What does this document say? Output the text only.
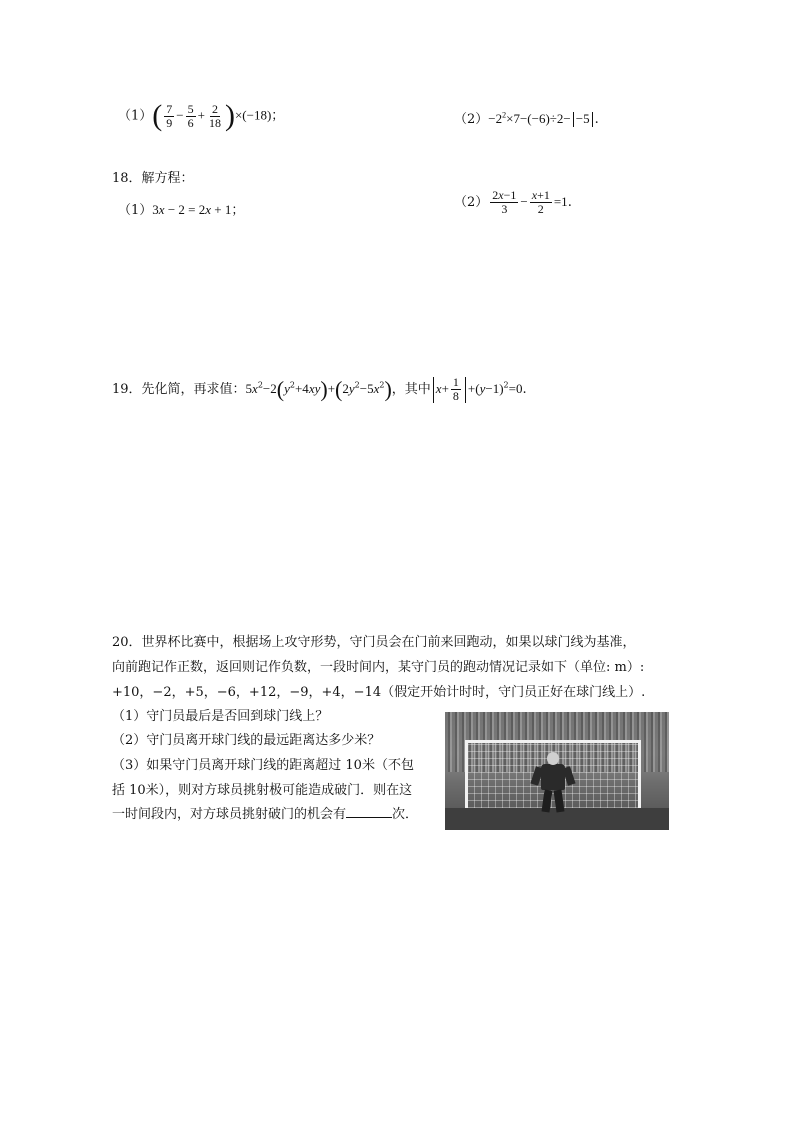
$(1)( \frac{7}{9} - \frac{5}{6} + \frac{2}{18} )\times(-18)$；	$(2)-2^2\times 7-(-6)\div 2- -5$ .
18．解方程：
（1）3x − 2 = 2x + 1；
$(2) \frac{2x-1}{3} - \frac{x+1}{2} =1$.
19．先化简，再求值：$5x^2-2(y^2+4xy)+(2y^2-5x^2)$，其中 $x+ \frac{1}{8} +(y-1)^2=0$.
20．世界杯比赛中，根据场上攻守形势，守门员会在门前来回跑动，如果以球门线为基准，
向前跑记作正数，返回则记作负数，一段时间内，某守门员的跑动情况记录如下（单位: m）:
+10，−2，+5，−6，+12，−9，+4，−14（假定开始计时时，守门员正好在球门线上）.
（1）守门员最后是否回到球门线上？
（2）守门员离开球门线的最远距离达多少米？
（3）如果守门员离开球门线的距离超过 10米（不包
括 10米），则对方球员挑射极可能造成破门．则在这
一时间段内，对方球员挑射破门的机会有	次．
